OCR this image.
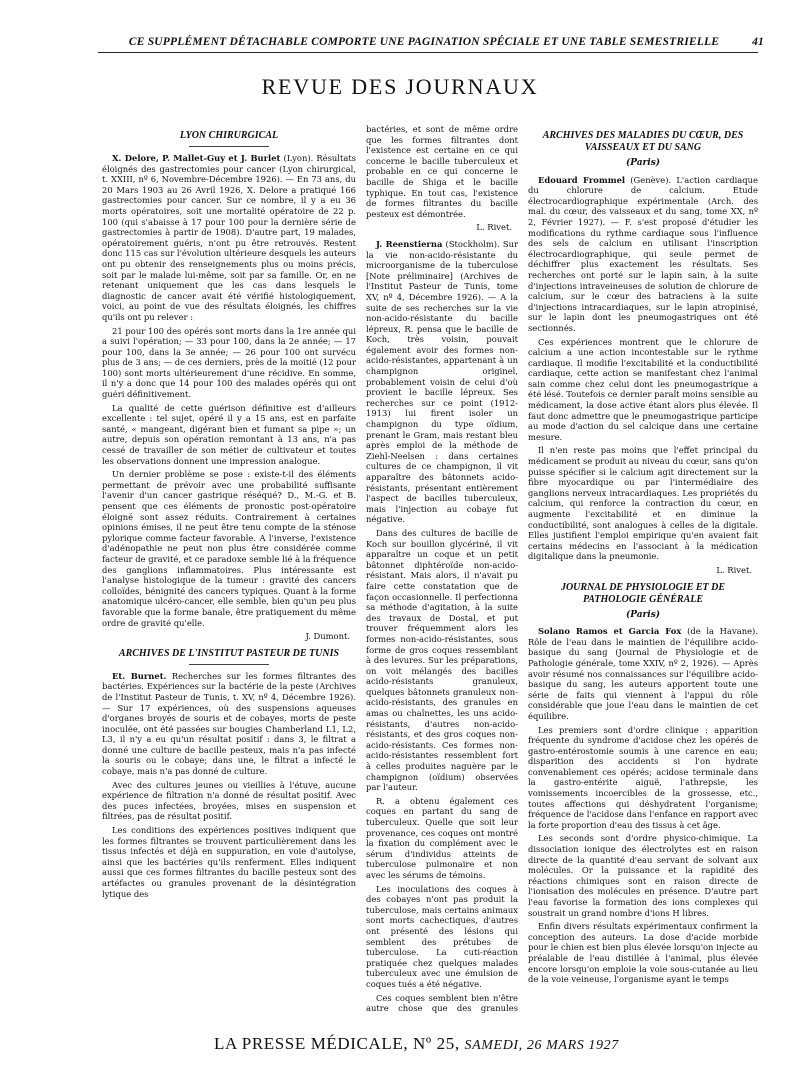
CE SUPPLÉMENT DÉTACHABLE COMPORTE UNE PAGINATION SPÉCIALE ET UNE TABLE SEMESTRIELLE	41
REVUE DES JOURNAUX
LYON CHIRURGICAL

X. Delore, P. Mallet-Guy et J. Burlet (Lyon). Résultats éloignés des gastrectomies pour cancer (Lyon chirurgical, t. XXIII, nº 6, Novembre-Décembre 1926). — En 73 ans, du 20 Mars 1903 au 26 Avril 1926, X. Delore a pratiqué 166 gastrectomies pour cancer. Sur ce nombre, il y a eu 36 morts opératoires, soit une mortalité opératoire de 22 p. 100 (qui s'abaisse à 17 pour 100 pour la dernière série de gastrectomies à partir de 1908). D'autre part, 19 malades, opératoirement guéris, n'ont pu être retrouvés. Restent donc 115 cas sur l'évolution ultérieure desquels les auteurs ont pu obtenir des renseignements plus ou moins précis, soit par le malade lui-même, soit par sa famille. Or, en ne retenant uniquement que les cas dans lesquels le diagnostic de cancer avait été vérifié histologiquement, voici, au point de vue des résultats éloignés, les chiffres qu'ils ont pu relever :

21 pour 100 des opérés sont morts dans la 1re année qui a suivi l'opération; — 33 pour 100, dans la 2e année; — 17 pour 100, dans la 3e année; — 26 pour 100 ont survécu plus de 3 ans; — de ces derniers, près de la moitié (12 pour 100) sont morts ultérieurement d'une récidive. En somme, il n'y a donc que 14 pour 100 des malades opérés qui ont guéri définitivement.

La qualité de cette guérison définitive est d'ailleurs excellente : tel sujet, opéré il y a 15 ans, est en parfaite santé, « mangeant, digérant bien et fumant sa pipe »; un autre, depuis son opération remontant à 13 ans, n'a pas cessé de travailler de son métier de cultivateur et toutes les observations donnent une impression analogue.

Un dernier problème se pose : existe-t-il des éléments permettant de prévoir avec une probabilité suffisante l'avenir d'un cancer gastrique réséqué? D., M.-G. et B. pensent que ces éléments de pronostic post-opératoire éloigné sont assez réduits. Contrairement à certaines opinions émises, il ne peut être tenu compte de la sténose pylorique comme facteur favorable. A l'inverse, l'existence d'adénopathie ne peut non plus être considérée comme facteur de gravité, et ce paradoxe semble lié à la fréquence des ganglions inflammatoires. Plus intéressante est l'analyse histologique de la tumeur : gravité des cancers colloïdes, bénignité des cancers typiques. Quant à la forme anatomique ulcéro-cancer, elle semble, bien qu'un peu plus favorable que la forme banale, être pratiquement du même ordre de gravité qu'elle.

J. Dumont.

ARCHIVES DE L'INSTITUT PASTEUR DE TUNIS

Et. Burnet. Recherches sur les formes filtrantes des bactéries. Expériences sur la bactérie de la peste (Archives de l'Institut Pasteur de Tunis, t. XV, nº 4, Décembre 1926). — Sur 17 expériences, où des suspensions aqueuses d'organes broyés de souris et de cobayes, morts de peste inoculée, ont été passées sur bougies Chamberland L1, L2, L3, il n'y a eu qu'un résultat positif : dans 3, le filtrat a donné une culture de bacille pesteux, mais n'a pas infecté la souris ou le cobaye; dans une, le filtrat a infecté le cobaye, mais n'a pas donné de culture.

Avec des cultures jeunes ou vieillies à l'étuve, aucune expérience de filtration n'a donné de résultat positif. Avec des puces infectées, broyées, mises en suspension et filtrées, pas de résultat positif.

Les conditions des expériences positives indiquent que les formes filtrantes se trouvent particulièrement dans les tissus infectés et déjà en suppuration, en voie d'autolyse, ainsi que les bactéries qu'ils renferment. Elles indiquent aussi que ces formes filtrantes du bacille pesteux sont des artéfactes ou granules provenant de la désintégration lytique des

bactéries, et sont de même ordre que les formes filtrantes dont l'existence est certaine en ce qui concerne le bacille tuberculeux et probable en ce qui concerne le bacille de Shiga et le bacille typhique. En tout cas, l'existence de formes filtrantes du bacille pesteux est démontrée.

L. Rivet.

J. Reenstierna (Stockholm). Sur la vie non-acido-résistante du microorganisme de la tuberculose [Note préliminaire] (Archives de l'Institut Pasteur de Tunis, tome XV, nº 4, Décembre 1926). — A la suite de ses recherches sur la vie non-acido-résistante du bacille lépreux, R. pensa que le bacille de Koch, très voisin, pouvait également avoir des formes non-acido-résistantes, appartenant à un champignon originel, probablement voisin de celui d'où provient le bacille lépreux. Ses recherches sur ce point (1912-1913) lui firent isoler un champignon du type oïdium, prenant le Gram, mais restant bleu après emploi de la méthode de Ziehl-Neelsen : dans certaines cultures de ce champignon, il vit apparaître des bâtonnets acido-résistants, présentant entièrement l'aspect de bacilles tuberculeux, mais l'injection au cobaye fut négative.

Dans des cultures de bacille de Koch sur bouillon glycériné, il vit apparaître un coque et un petit bâtonnet diphtéroïde non-acido-résistant. Mais alors, il n'avait pu faire cette constatation que de façon occasionnelle. Il perfectionna sa méthode d'agitation, à la suite des travaux de Dostal, et put trouver fréquemment alors les formes non-acido-résistantes, sous forme de gros coques ressemblant à des levures. Sur les préparations, on voit mélangés des bacilles acido-résistants granuleux, quelques bâtonnets granuleux non-acido-résistants, des granules en amas ou chaînettes, les uns acido-résistants, d'autres non-acido-résistants, et des gros coques non-acido-résistants. Ces formes non-acido-résistantes ressemblent fort à celles produites naguère par le champignon (oïdium) observées par l'auteur.

R. a obtenu également ces coques en partant du sang de tuberculeux. Quelle que soit leur provenance, ces coques ont montré la fixation du complément avec le sérum d'individus atteints de tuberculose pulmonaire et non avec les sérums de témoins.

Les inoculations des coques à des cobayes n'ont pas produit la tuberculose, mais certains animaux sont morts cachectiques, d'autres ont présenté des lésions qui semblent des prétubes de tuberculose. La cuti-réaction pratiquée chez quelques malades tuberculeux avec une émulsion de coques tués a été négative.

Ces coques semblent bien n'être autre chose que des granules

ARCHIVES DES MALADIES DU CŒUR, DES VAISSEAUX ET DU SANG
(Paris)

Edouard Frommel (Genève). L'action cardiaque du chlorure de calcium. Etude électrocardiographique expérimentale (Arch. des mal. du cœur, des vaisseaux et du sang, tome XX, nº 2, Février 1927). — F. s'est proposé d'étudier les modifications du rythme cardiaque sous l'influence des sels de calcium en utilisant l'inscription électrocardiographique, qui seule permet de déchiffrer plus exactement les résultats. Ses recherches ont porté sur le lapin sain, à la suite d'injections intraveineuses de solution de chlorure de calcium, sur le cœur des batraciens à la suite d'injections intracardiaques, sur le lapin atropinisé, sur le lapin dont les pneumogastriques ont été sectionnés.

Ces expériences montrent que le chlorure de calcium a une action incontestable sur le rythme cardiaque. Il modifie l'excitabilité et la conductibilité cardiaque, cette action se manifestant chez l'animal sain comme chez celui dont les pneumogastrique a été lésé. Toutefois ce dernier paraît moins sensible au médicament, la dose active étant alors plus élevée. Il faut donc admettre que le pneumogastrique participe au mode d'action du sel calcique dans une certaine mesure.

Il n'en reste pas moins que l'effet principal du médicament se produit au niveau du cœur, sans qu'on puisse spécifier si le calcium agit directement sur la fibre myocardique ou par l'intermédiaire des ganglions nerveux intracardiaques. Les propriétés du calcium, qui renforce la contraction du cœur, en augmente l'excitabilité et en diminue la conductibilité, sont analogues à celles de la digitale. Elles justifient l'emploi empirique qu'en avaient fait certains médecins en l'associant à la médication digitalique dans la pneumonie.

L. Rivet.

JOURNAL DE PHYSIOLOGIE ET DE PATHOLOGIE GÉNÉRALE
(Paris)

Solano Ramos et Garcia Fox (de la Havane). Rôle de l'eau dans le maintien de l'équilibre acido-basique du sang (Journal de Physiologie et de Pathologie générale, tome XXIV, nº 2, 1926). — Après avoir résumé nos connaissances sur l'équilibre acido-basique du sang, les auteurs apportent toute une série de faits qui viennent à l'appui du rôle considérable que joue l'eau dans le maintien de cet équilibre.

Les premiers sont d'ordre clinique : apparition fréquente du syndrome d'acidose chez les opérés de gastro-entérostomie soumis à une carence en eau; disparition des accidents si l'on hydrate convenablement ces opérés; acidose terminale dans la gastro-entérite aiguë, l'athrepsie, les vomissements incoercibles de la grossesse, etc., toutes affections qui déshydratent l'organisme; fréquence de l'acidose dans l'enfance en rapport avec la forte proportion d'eau des tissus à cet âge.

Les seconds sont d'ordre physico-chimique. La dissociation ionique des électrolytes est en raison directe de la quantité d'eau servant de solvant aux molécules. Or la puissance et la rapidité des réactions chimiques sont en raison directe de l'ionisation des molécules en présence. D'autre part l'eau favorise la formation des ions complexes qui soustrait un grand nombre d'ions H libres.

Enfin divers résultats expérimentaux confirment la conception des auteurs. La dose d'acide morbide pour le chien est bien plus élevée lorsqu'on injecte au préalable de l'eau distillée à l'animal, plus élevée encore lorsqu'on emploie la voie sous-cutanée au lieu de la voie veineuse, l'organisme ayant le temps

LA PRESSE MÉDICALE, Nº 25, SAMEDI, 26 MARS 1927
